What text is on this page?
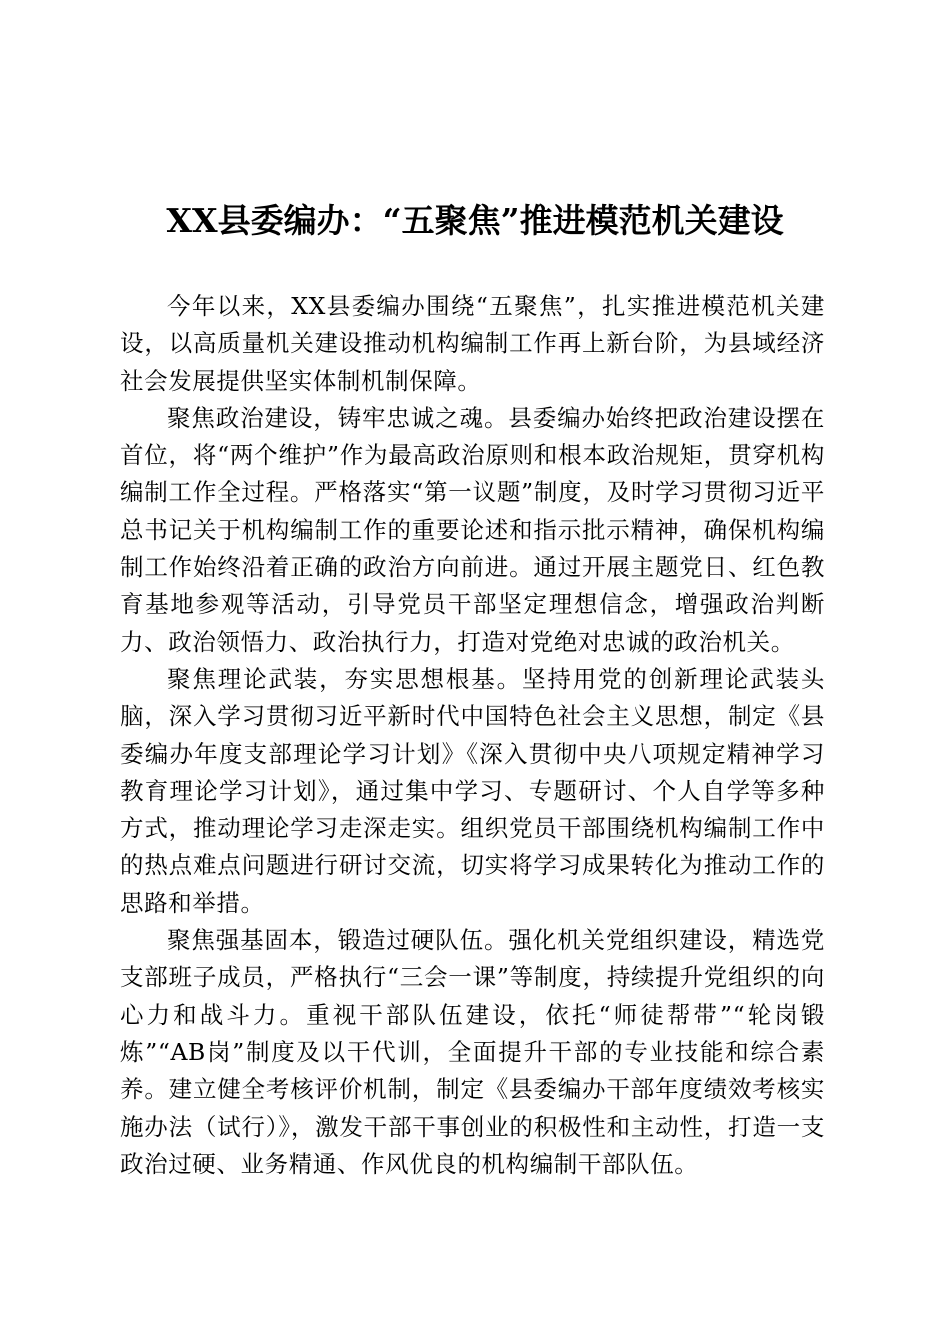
XX县委编办：“五聚焦”推进模范机关建设

今年以来，XX县委编办围绕“五聚焦”，扎实推进模范机关建设，以高质量机关建设推动机构编制工作再上新台阶，为县域经济社会发展提供坚实体制机制保障。

聚焦政治建设，铸牢忠诚之魂。县委编办始终把政治建设摆在首位，将“两个维护”作为最高政治原则和根本政治规矩，贯穿机构编制工作全过程。严格落实“第一议题”制度，及时学习贯彻习近平总书记关于机构编制工作的重要论述和指示批示精神，确保机构编制工作始终沿着正确的政治方向前进。通过开展主题党日、红色教育基地参观等活动，引导党员干部坚定理想信念，增强政治判断力、政治领悟力、政治执行力，打造对党绝对忠诚的政治机关。

聚焦理论武装，夯实思想根基。坚持用党的创新理论武装头脑，深入学习贯彻习近平新时代中国特色社会主义思想，制定《县委编办年度支部理论学习计划》《深入贯彻中央八项规定精神学习教育理论学习计划》，通过集中学习、专题研讨、个人自学等多种方式，推动理论学习走深走实。组织党员干部围绕机构编制工作中的热点难点问题进行研讨交流，切实将学习成果转化为推动工作的思路和举措。

聚焦强基固本，锻造过硬队伍。强化机关党组织建设，精选党支部班子成员，严格执行“三会一课”等制度，持续提升党组织的向心力和战斗力。重视干部队伍建设，依托“师徒帮带”“轮岗锻炼”“AB岗”制度及以干代训，全面提升干部的专业技能和综合素养。建立健全考核评价机制，制定《县委编办干部年度绩效考核实施办法（试行）》，激发干部干事创业的积极性和主动性，打造一支政治过硬、业务精通、作风优良的机构编制干部队伍。
